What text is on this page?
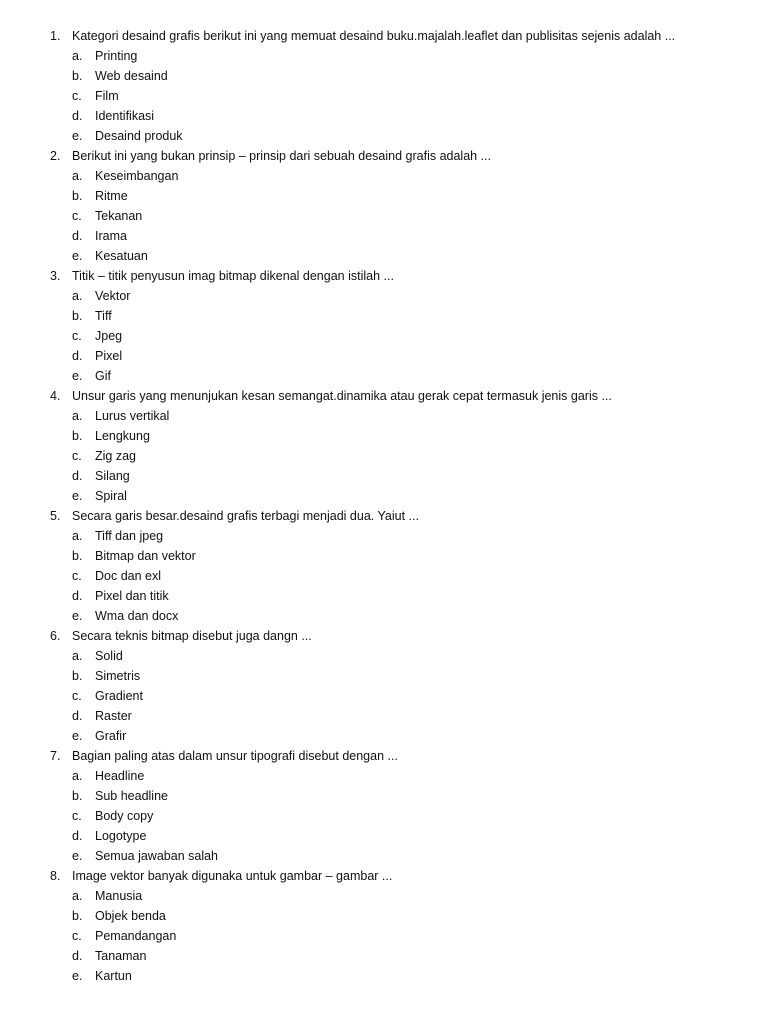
1. Kategori desaind grafis berikut ini yang memuat desaind buku.majalah.leaflet dan publisitas sejenis adalah ...
a. Printing
b. Web desaind
c. Film
d. Identifikasi
e. Desaind produk
2. Berikut ini yang bukan prinsip – prinsip dari sebuah desaind grafis adalah ...
a. Keseimbangan
b. Ritme
c. Tekanan
d. Irama
e. Kesatuan
3. Titik – titik penyusun imag bitmap dikenal dengan istilah ...
a. Vektor
b. Tiff
c. Jpeg
d. Pixel
e. Gif
4. Unsur garis yang menunjukan kesan semangat.dinamika atau gerak cepat termasuk jenis garis ...
a. Lurus vertikal
b. Lengkung
c. Zig zag
d. Silang
e. Spiral
5. Secara garis besar.desaind grafis terbagi menjadi dua. Yaiut ...
a. Tiff dan jpeg
b. Bitmap dan vektor
c. Doc dan exl
d. Pixel dan titik
e. Wma dan docx
6. Secara teknis bitmap disebut juga dangn ...
a. Solid
b. Simetris
c. Gradient
d. Raster
e. Grafir
7. Bagian paling atas dalam unsur tipografi disebut dengan ...
a. Headline
b. Sub headline
c. Body copy
d. Logotype
e. Semua jawaban salah
8. Image vektor banyak digunaka untuk gambar – gambar ...
a. Manusia
b. Objek benda
c. Pemandangan
d. Tanaman
e. Kartun
